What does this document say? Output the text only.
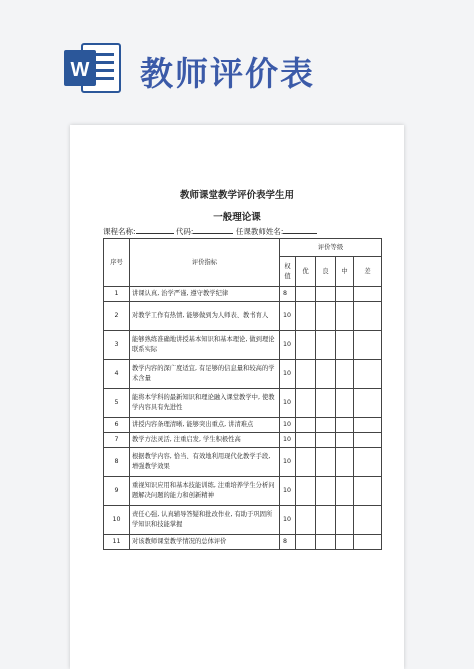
W 教师评价表
教师课堂教学评价表学生用
一般理论课
课程名称:	代码:	任课教师姓名:
序号	评价指标	评价等级				
		权值	优	良	中	差
1	讲课认真, 治学严谨, 遵守教学纪律	8				
2	对教学工作有热情, 能够做到为人师表、教书育人	10				
3	能够熟练准确地讲授基本知识和基本理论, 做到理论联系实际	10				
4	教学内容的深广度适宜, 有足够的信息量和较高的学术含量	10				
5	能将本学科的最新知识和理论融入课堂教学中, 使教学内容具有先进性	10				
6	讲授内容条理清晰, 能够突出重点, 讲清难点	10				
7	教学方法灵活, 注重启发, 学生积极性高	10				
8	根据教学内容, 恰当、有效地利用现代化教学手段, 增强教学效果	10				
9	重视知识应用和基本技能训练, 注重培养学生分析问题解决问题的能力和创新精神	10				
10	责任心强, 认真辅导答疑和批改作业, 有助于巩固所学知识和技能掌握	10				
11	对该教师课堂教学情况的总体评价	8				
